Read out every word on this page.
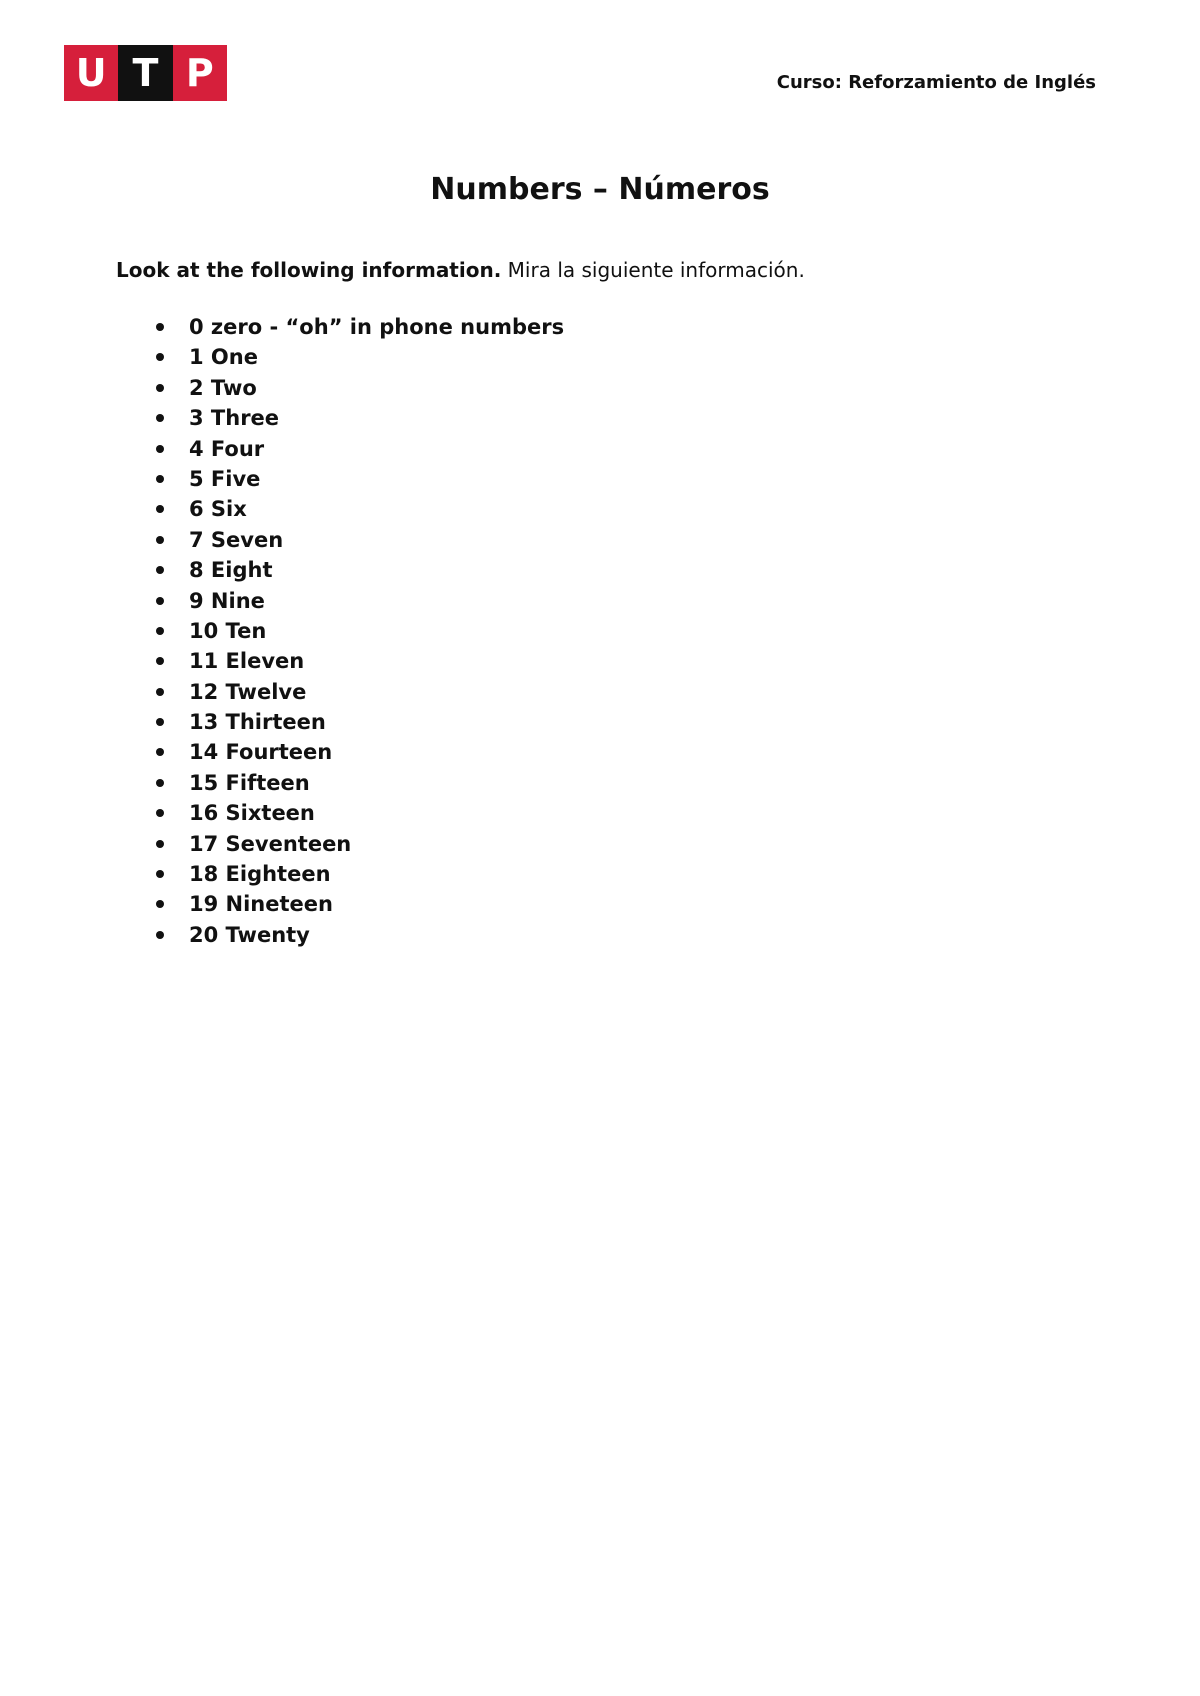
U T P	Curso: Reforzamiento de Inglés
Numbers – Números
Look at the following information. Mira la siguiente información.
0 zero - “oh” in phone numbers
1 One
2 Two
3 Three
4 Four
5 Five
6 Six
7 Seven
8 Eight
9 Nine
10 Ten
11 Eleven
12 Twelve
13 Thirteen
14 Fourteen
15 Fifteen
16 Sixteen
17 Seventeen
18 Eighteen
19 Nineteen
20 Twenty
